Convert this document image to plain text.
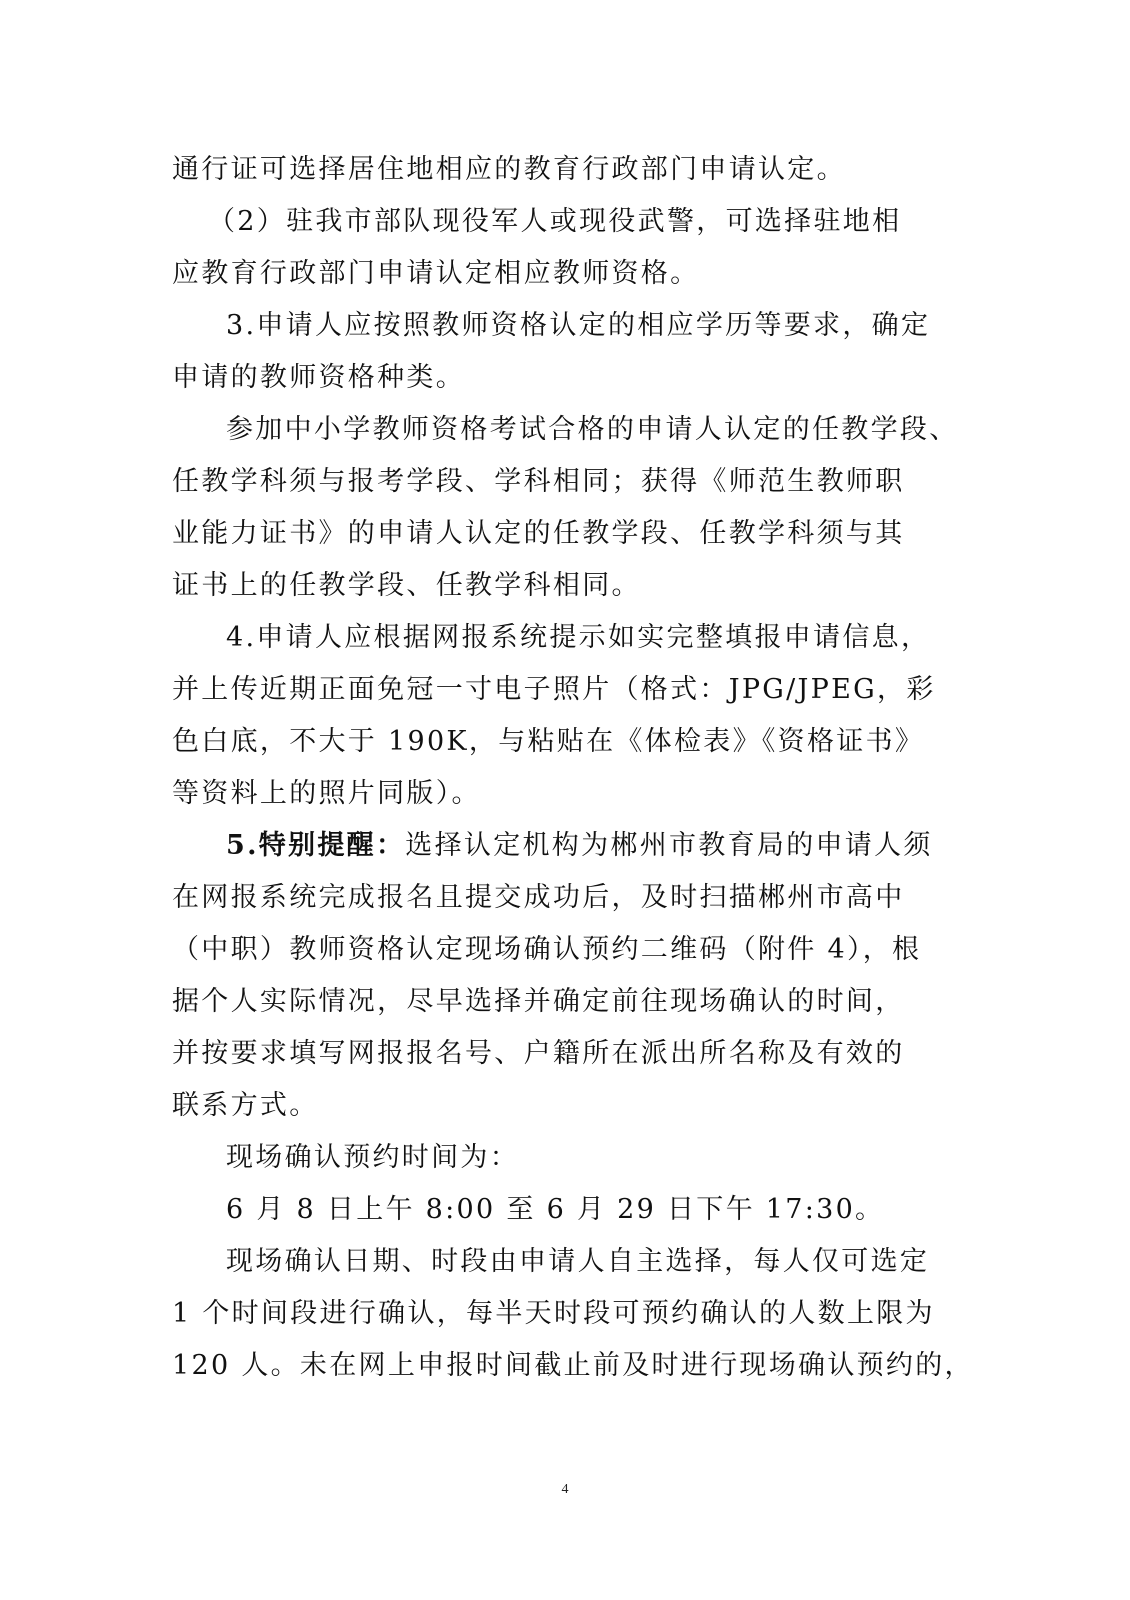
通行证可选择居住地相应的教育行政部门申请认定。
（2）驻我市部队现役军人或现役武警，可选择驻地相
应教育行政部门申请认定相应教师资格。
3.申请人应按照教师资格认定的相应学历等要求，确定
申请的教师资格种类。
参加中小学教师资格考试合格的申请人认定的任教学段、
任教学科须与报考学段、学科相同；获得《师范生教师职
业能力证书》的申请人认定的任教学段、任教学科须与其
证书上的任教学段、任教学科相同。
4.申请人应根据网报系统提示如实完整填报申请信息，
并上传近期正面免冠一寸电子照片（格式：JPG/JPEG，彩
色白底，不大于 190K，与粘贴在《体检表》《资格证书》
等资料上的照片同版）。
5.特别提醒：选择认定机构为郴州市教育局的申请人须
在网报系统完成报名且提交成功后，及时扫描郴州市高中
（中职）教师资格认定现场确认预约二维码（附件 4），根
据个人实际情况，尽早选择并确定前往现场确认的时间，
并按要求填写网报报名号、户籍所在派出所名称及有效的
联系方式。
现场确认预约时间为：
6 月 8 日上午 8:00 至 6 月 29 日下午 17:30。
现场确认日期、时段由申请人自主选择，每人仅可选定
1 个时间段进行确认，每半天时段可预约确认的人数上限为
120 人。未在网上申报时间截止前及时进行现场确认预约的，
4
